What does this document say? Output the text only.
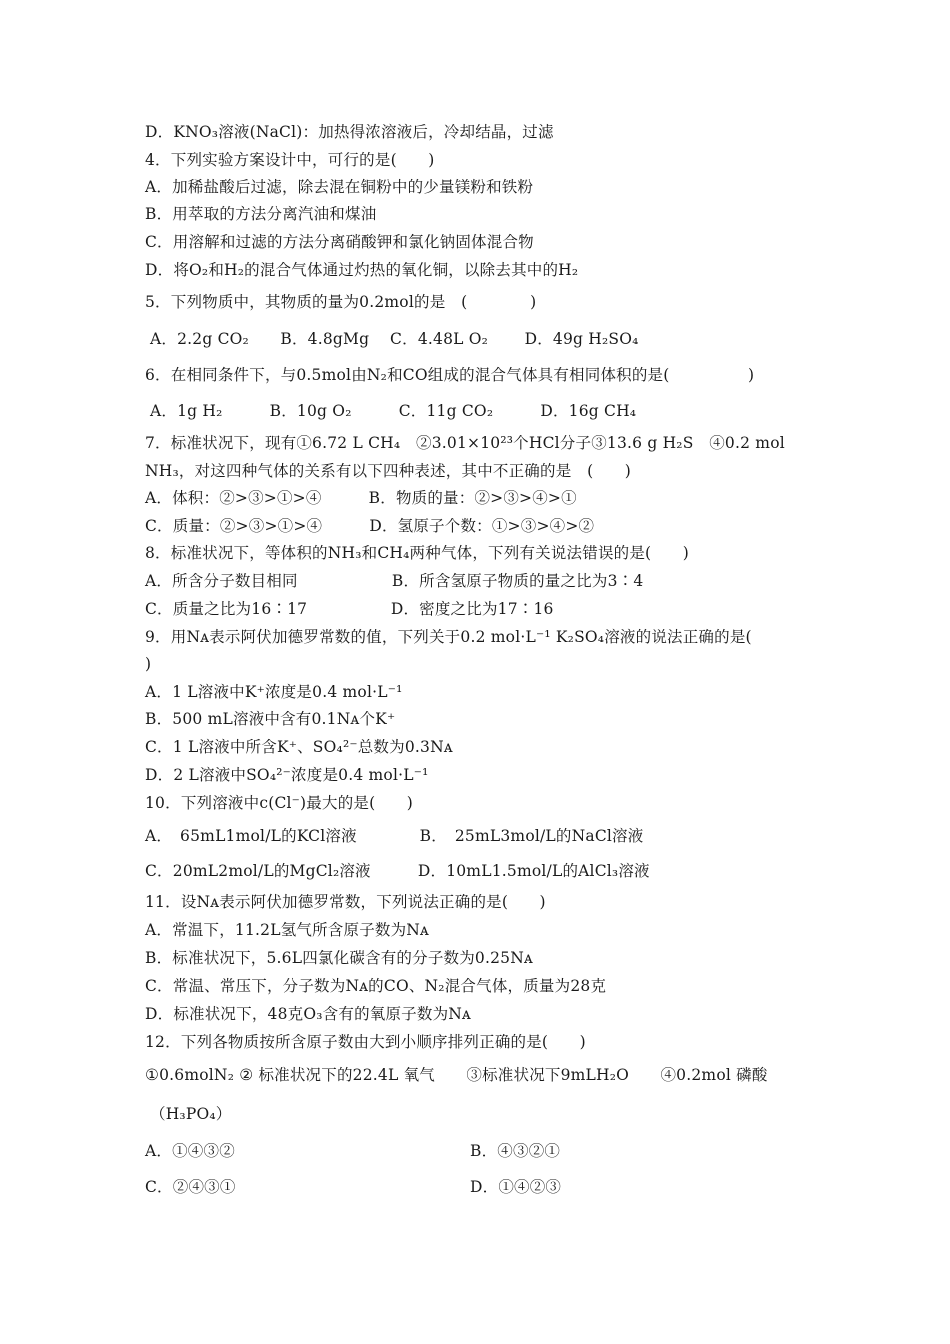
D．KNO₃溶液(NaCl)：加热得浓溶液后，冷却结晶，过滤
4．下列实验方案设计中，可行的是(　　)
A．加稀盐酸后过滤，除去混在铜粉中的少量镁粉和铁粉
B．用萃取的方法分离汽油和煤油
C．用溶解和过滤的方法分离硝酸钾和氯化钠固体混合物
D．将O₂和H₂的混合气体通过灼热的氧化铜，以除去其中的H₂
5．下列物质中，其物质的量为0.2mol的是　(　　　　)
A．2.2g CO₂　　B．4.8gMg　 C．4.48L O₂　　 D．49g H₂SO₄
6．在相同条件下，与0.5mol由N₂和CO组成的混合气体具有相同体积的是(　　　　　)
A．1g H₂　　　B．10g O₂　　　C．11g CO₂　　　D．16g CH₄
7．标准状况下，现有①6.72 L CH₄　②3.01×10²³个HCl分子③13.6 g H₂S　④0.2 mol
NH₃，对这四种气体的关系有以下四种表述，其中不正确的是　(　　)
A．体积：②>③>①>④　　　B．物质的量：②>③>④>①
C．质量：②>③>①>④　　　D．氢原子个数：①>③>④>②
8．标准状况下，等体积的NH₃和CH₄两种气体，下列有关说法错误的是(　　)
A．所含分子数目相同　　　　　　B．所含氢原子物质的量之比为3∶4
C．质量之比为16∶17　　　　　 D．密度之比为17∶16
9．用Nᴀ表示阿伏加德罗常数的值，下列关于0.2 mol·L⁻¹ K₂SO₄溶液的说法正确的是(
)
A．1 L溶液中K⁺浓度是0.4 mol·L⁻¹
B．500 mL溶液中含有0.1Nᴀ个K⁺
C．1 L溶液中所含K⁺、SO₄²⁻总数为0.3Nᴀ
D．2 L溶液中SO₄²⁻浓度是0.4 mol·L⁻¹
10．下列溶液中c(Cl⁻)最大的是(　　)
A．　65mL1mol/L的KCl溶液　　　　B．　25mL3mol/L的NaCl溶液
C．20mL2mol/L的MgCl₂溶液　　　D．10mL1.5mol/L的AlCl₃溶液
11．设Nᴀ表示阿伏加德罗常数，下列说法正确的是(　　)
A．常温下，11.2L氢气所含原子数为Nᴀ
B．标准状况下，5.6L四氯化碳含有的分子数为0.25Nᴀ
C．常温、常压下，分子数为Nᴀ的CO、N₂混合气体，质量为28克
D．标准状况下，48克O₃含有的氧原子数为Nᴀ
12．下列各物质按所含原子数由大到小顺序排列正确的是(　　)
①0.6molN₂ ② 标准状况下的22.4L 氧气　　③标准状况下9mLH₂O　　④0.2mol 磷酸
（H₃PO₄）
A．①④③②	B．④③②①
C．②④③①	D．①④②③
